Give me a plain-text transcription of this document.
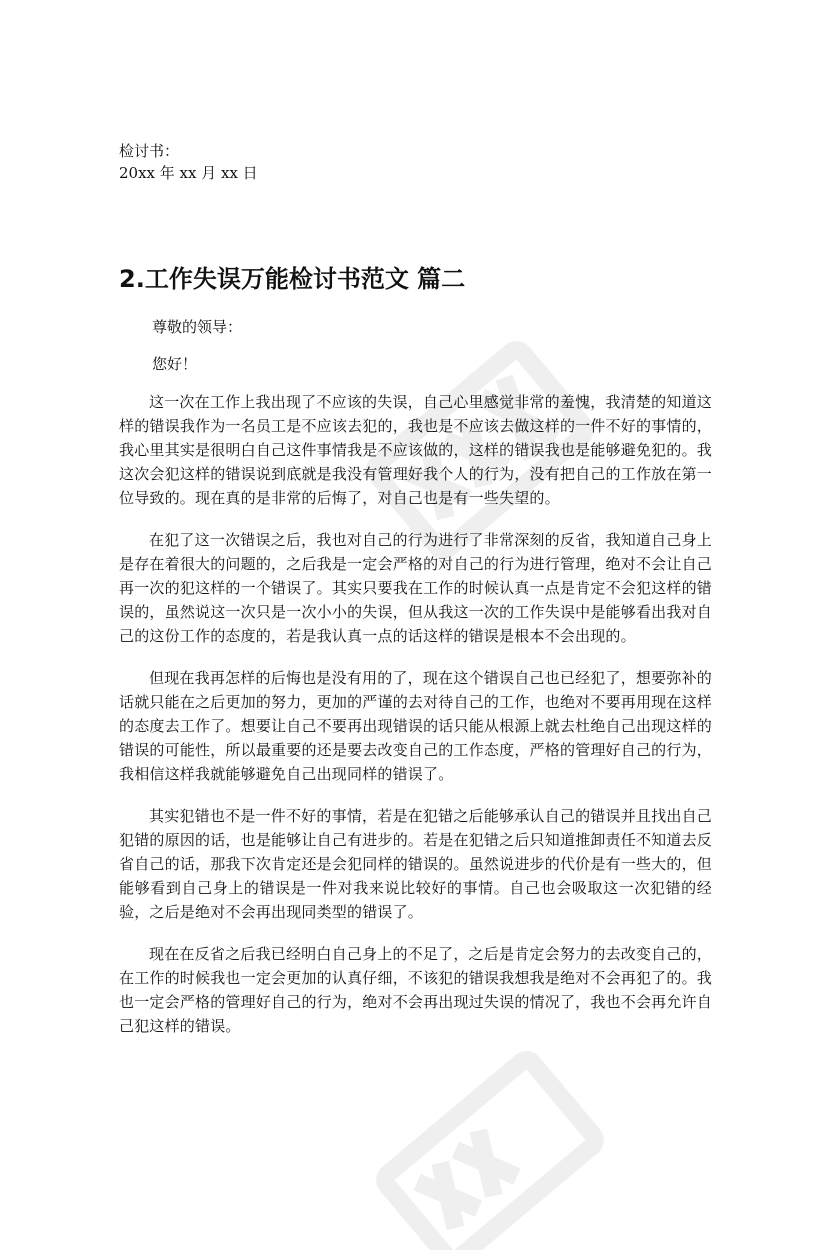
检讨书：
20xx 年 xx 月 xx 日
2.工作失误万能检讨书范文 篇二
尊敬的领导：
您好！

这一次在工作上我出现了不应该的失误，自己心里感觉非常的羞愧，我清楚的知道这样的错误我作为一名员工是不应该去犯的，我也是不应该去做这样的一件不好的事情的，我心里其实是很明白自己这件事情我是不应该做的，这样的错误我也是能够避免犯的。我这次会犯这样的错误说到底就是我没有管理好我个人的行为，没有把自己的工作放在第一位导致的。现在真的是非常的后悔了，对自己也是有一些失望的。

在犯了这一次错误之后，我也对自己的行为进行了非常深刻的反省，我知道自己身上是存在着很大的问题的，之后我是一定会严格的对自己的行为进行管理，绝对不会让自己再一次的犯这样的一个错误了。其实只要我在工作的时候认真一点是肯定不会犯这样的错误的，虽然说这一次只是一次小小的失误，但从我这一次的工作失误中是能够看出我对自己的这份工作的态度的，若是我认真一点的话这样的错误是根本不会出现的。

但现在我再怎样的后悔也是没有用的了，现在这个错误自己也已经犯了，想要弥补的话就只能在之后更加的努力，更加的严谨的去对待自己的工作，也绝对不要再用现在这样的态度去工作了。想要让自己不要再出现错误的话只能从根源上就去杜绝自己出现这样的错误的可能性，所以最重要的还是要去改变自己的工作态度，严格的管理好自己的行为，我相信这样我就能够避免自己出现同样的错误了。

其实犯错也不是一件不好的事情，若是在犯错之后能够承认自己的错误并且找出自己犯错的原因的话，也是能够让自己有进步的。若是在犯错之后只知道推卸责任不知道去反省自己的话，那我下次肯定还是会犯同样的错误的。虽然说进步的代价是有一些大的，但能够看到自己身上的错误是一件对我来说比较好的事情。自己也会吸取这一次犯错的经验，之后是绝对不会再出现同类型的错误了。

现在在反省之后我已经明白自己身上的不足了，之后是肯定会努力的去改变自己的，在工作的时候我也一定会更加的认真仔细，不该犯的错误我想我是绝对不会再犯了的。我也一定会严格的管理好自己的行为，绝对不会再出现过失误的情况了，我也不会再允许自己犯这样的错误。
